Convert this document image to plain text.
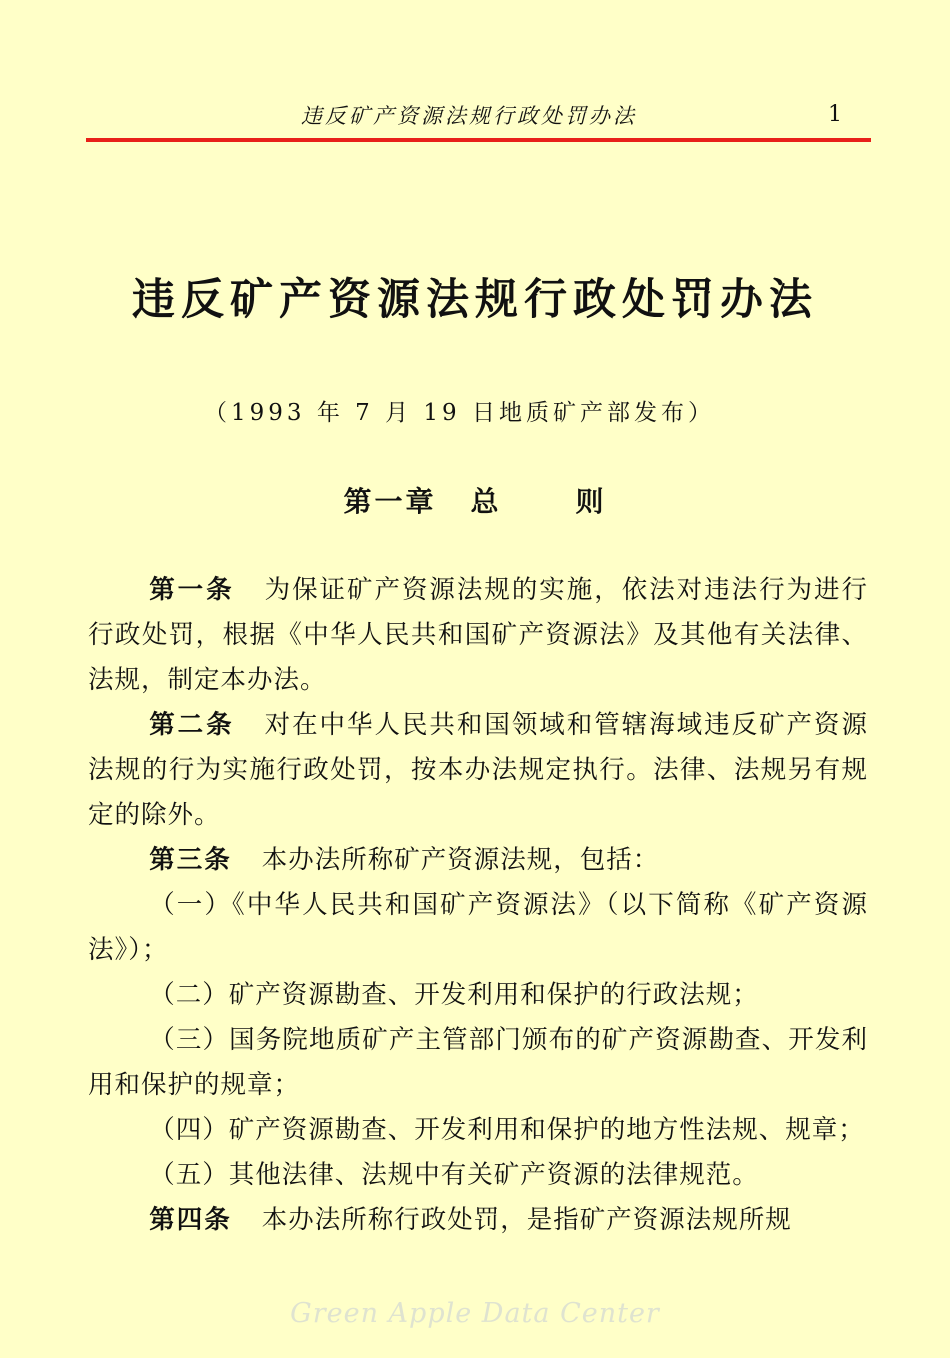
违反矿产资源法规行政处罚办法	1
违反矿产资源法规行政处罚办法
（1993 年 7 月 19 日地质矿产部发布）
第一章 总	则

第一条 为保证矿产资源法规的实施，依法对违法行为进行行政处罚，根据《中华人民共和国矿产资源法》及其他有关法律、法规，制定本办法。

第二条 对在中华人民共和国领域和管辖海域违反矿产资源法规的行为实施行政处罚，按本办法规定执行。法律、法规另有规定的除外。

第三条 本办法所称矿产资源法规，包括：

（一）《中华人民共和国矿产资源法》（以下简称《矿产资源法》）；

（二）矿产资源勘查、开发利用和保护的行政法规；

（三）国务院地质矿产主管部门颁布的矿产资源勘查、开发利用和保护的规章；

（四）矿产资源勘查、开发利用和保护的地方性法规、规章；

（五）其他法律、法规中有关矿产资源的法律规范。

第四条 本办法所称行政处罚，是指矿产资源法规所规

Green Apple Data Center
